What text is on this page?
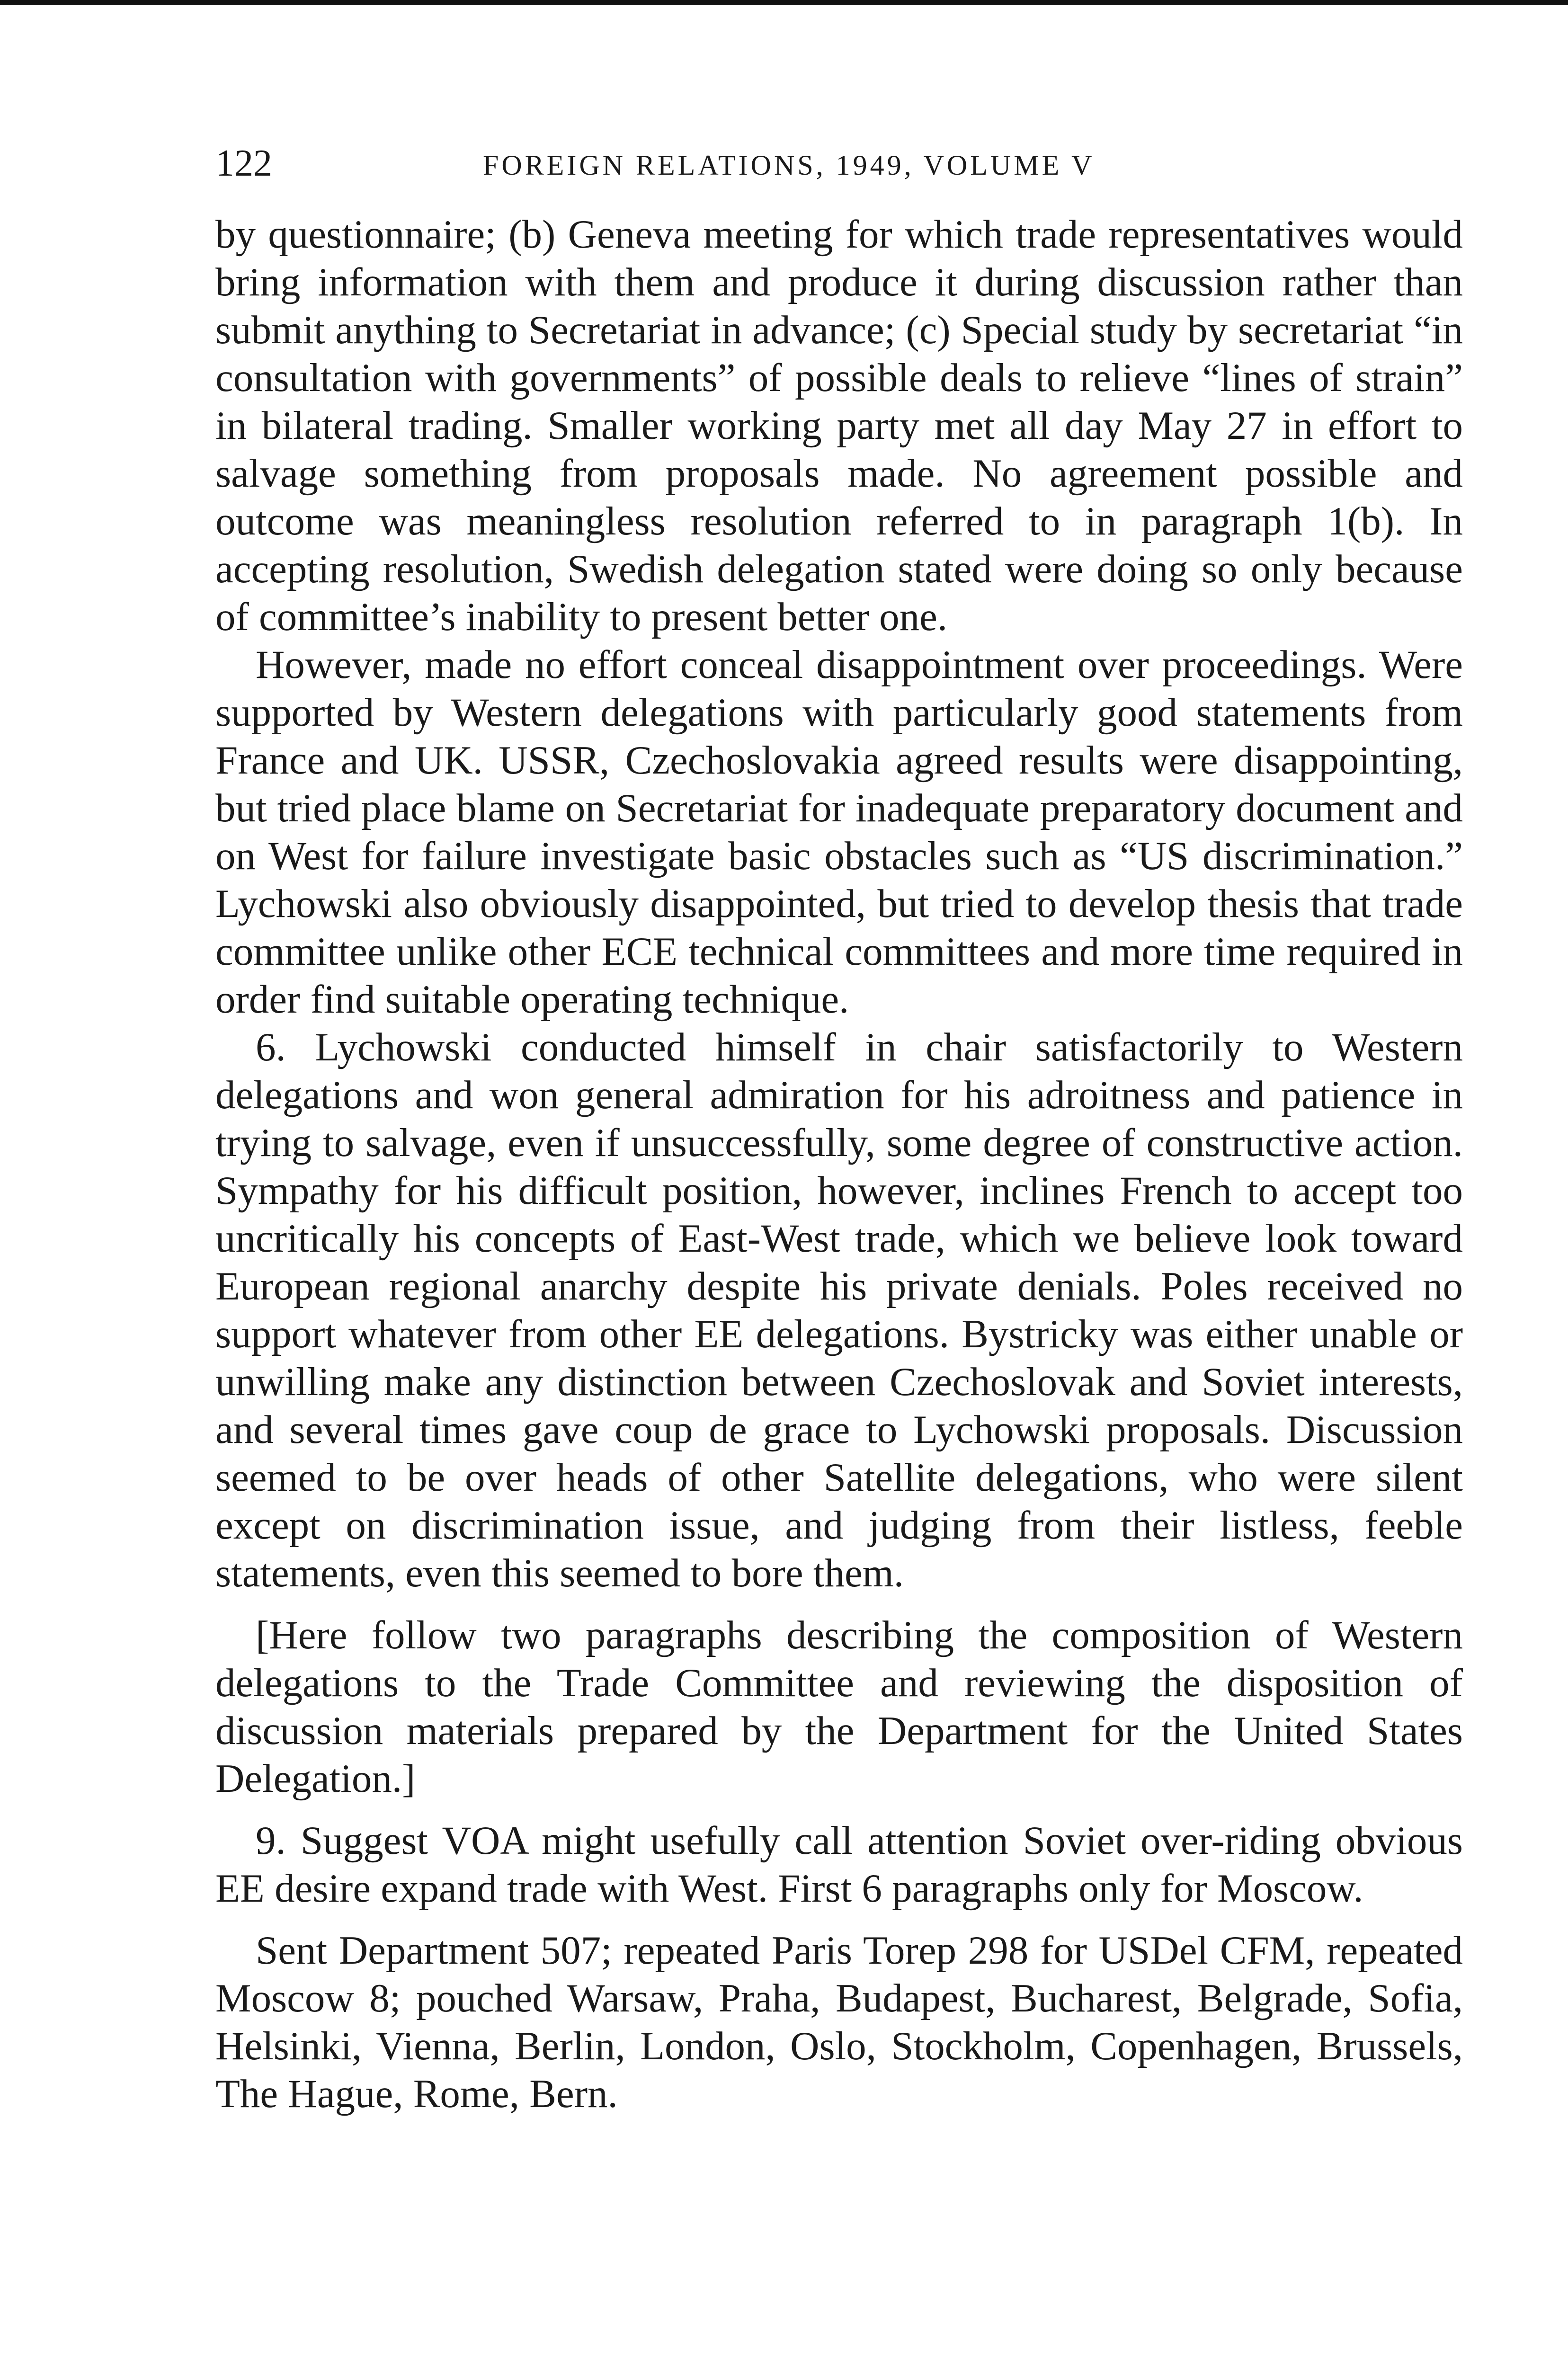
122	FOREIGN RELATIONS, 1949, VOLUME V

by questionnaire; (b) Geneva meeting for which trade representatives would bring information with them and produce it during discussion rather than submit anything to Secretariat in advance; (c) Special study by secretariat “in consultation with governments” of possible deals to relieve “lines of strain” in bilateral trading. Smaller working party met all day May 27 in effort to salvage something from proposals made. No agreement possible and outcome was meaningless resolution referred to in paragraph 1(b). In accepting resolution, Swedish delegation stated were doing so only because of committee’s inability to present better one.

However, made no effort conceal disappointment over proceedings. Were supported by Western delegations with particularly good statements from France and UK. USSR, Czechoslovakia agreed results were disappointing, but tried place blame on Secretariat for inadequate preparatory document and on West for failure investigate basic obstacles such as “US discrimination.” Lychowski also obviously disappointed, but tried to develop thesis that trade committee unlike other ECE technical committees and more time required in order find suitable operating technique.

6. Lychowski conducted himself in chair satisfactorily to Western delegations and won general admiration for his adroitness and patience in trying to salvage, even if unsuccessfully, some degree of constructive action. Sympathy for his difficult position, however, inclines French to accept too uncritically his concepts of East-West trade, which we believe look toward European regional anarchy despite his private denials. Poles received no support whatever from other EE delegations. Bystricky was either unable or unwilling make any distinction between Czechoslovak and Soviet interests, and several times gave coup de grace to Lychowski proposals. Discussion seemed to be over heads of other Satellite delegations, who were silent except on discrimination issue, and judging from their listless, feeble statements, even this seemed to bore them.

[Here follow two paragraphs describing the composition of Western delegations to the Trade Committee and reviewing the disposition of discussion materials prepared by the Department for the United States Delegation.]

9. Suggest VOA might usefully call attention Soviet over-riding obvious EE desire expand trade with West. First 6 paragraphs only for Moscow.

Sent Department 507; repeated Paris Torep 298 for USDel CFM, repeated Moscow 8; pouched Warsaw, Praha, Budapest, Bucharest, Belgrade, Sofia, Helsinki, Vienna, Berlin, London, Oslo, Stockholm, Copenhagen, Brussels, The Hague, Rome, Bern.
